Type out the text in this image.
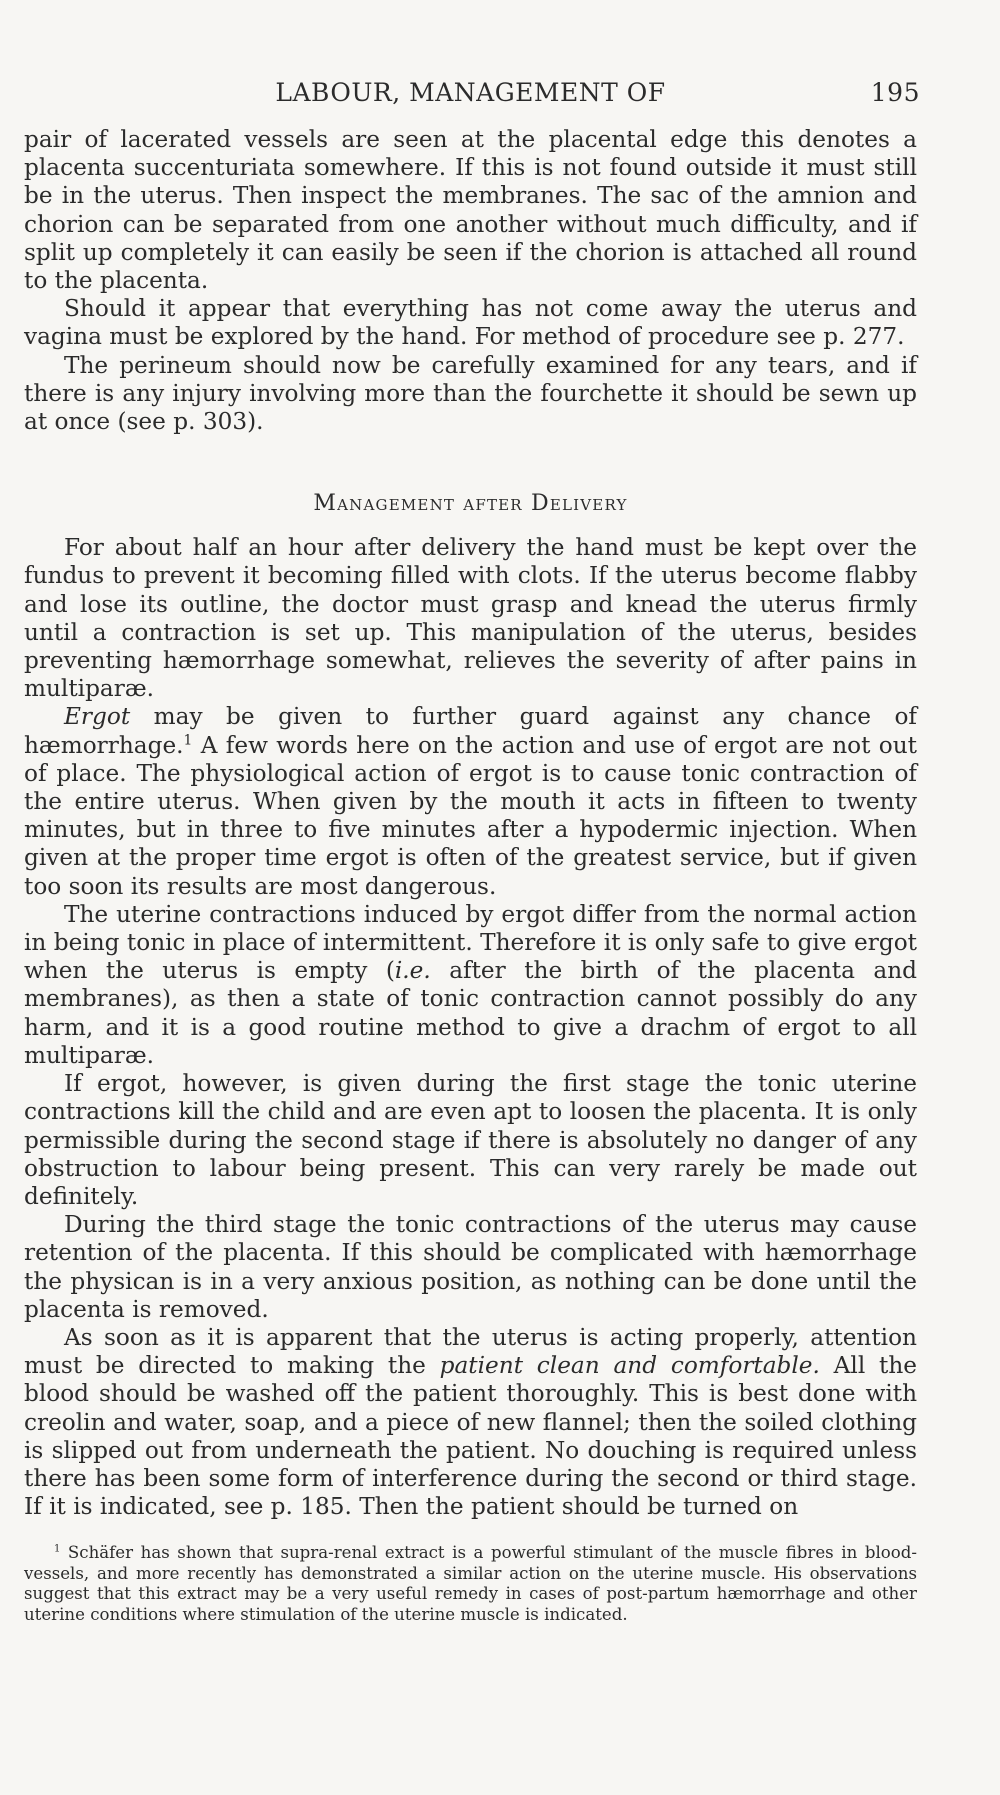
LABOUR, MANAGEMENT OF	195

pair of lacerated vessels are seen at the placental edge this denotes a placenta succenturiata somewhere. If this is not found outside it must still be in the uterus. Then inspect the membranes. The sac of the amnion and chorion can be separated from one another without much difficulty, and if split up completely it can easily be seen if the chorion is attached all round to the placenta.

Should it appear that everything has not come away the uterus and vagina must be explored by the hand. For method of procedure see p. 277.

The perineum should now be carefully examined for any tears, and if there is any injury involving more than the fourchette it should be sewn up at once (see p. 303).

Management after Delivery

For about half an hour after delivery the hand must be kept over the fundus to prevent it becoming filled with clots. If the uterus become flabby and lose its outline, the doctor must grasp and knead the uterus firmly until a contraction is set up. This manipulation of the uterus, besides preventing hæmorrhage somewhat, relieves the severity of after pains in multiparæ.

Ergot may be given to further guard against any chance of hæmorrhage.$^1$ A few words here on the action and use of ergot are not out of place. The physiological action of ergot is to cause tonic contraction of the entire uterus. When given by the mouth it acts in fifteen to twenty minutes, but in three to five minutes after a hypodermic injection. When given at the proper time ergot is often of the greatest service, but if given too soon its results are most dangerous.

The uterine contractions induced by ergot differ from the normal action in being tonic in place of intermittent. Therefore it is only safe to give ergot when the uterus is empty (i.e. after the birth of the placenta and membranes), as then a state of tonic contraction cannot possibly do any harm, and it is a good routine method to give a drachm of ergot to all multiparæ.

If ergot, however, is given during the first stage the tonic uterine contractions kill the child and are even apt to loosen the placenta. It is only permissible during the second stage if there is absolutely no danger of any obstruction to labour being present. This can very rarely be made out definitely.

During the third stage the tonic contractions of the uterus may cause retention of the placenta. If this should be complicated with hæmorrhage the physican is in a very anxious position, as nothing can be done until the placenta is removed.

As soon as it is apparent that the uterus is acting properly, attention must be directed to making the patient clean and comfortable. All the blood should be washed off the patient thoroughly. This is best done with creolin and water, soap, and a piece of new flannel; then the soiled clothing is slipped out from underneath the patient. No douching is required unless there has been some form of interference during the second or third stage. If it is indicated, see p. 185. Then the patient should be turned on

$^1$ Schäfer has shown that supra-renal extract is a powerful stimulant of the muscle fibres in blood-vessels, and more recently has demonstrated a similar action on the uterine muscle. His observations suggest that this extract may be a very useful remedy in cases of post-partum hæmorrhage and other uterine conditions where stimulation of the uterine muscle is indicated.
